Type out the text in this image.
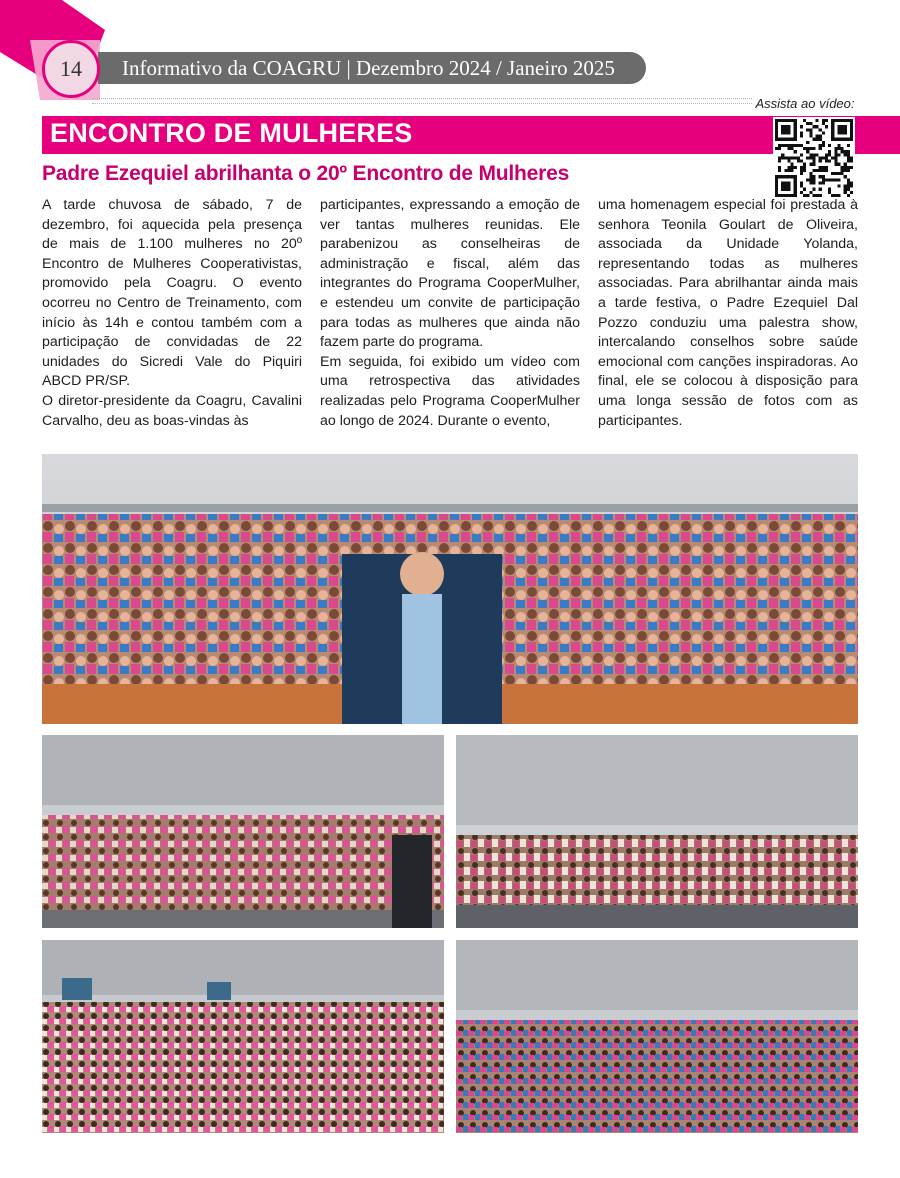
Informativo da COAGRU | Dezembro 2024 / Janeiro 2025
14
Assista ao vídeo:
ENCONTRO DE MULHERES
Padre Ezequiel abrilhanta o 20º Encontro de Mulheres

A tarde chuvosa de sábado, 7 de dezembro, foi aquecida pela presença de mais de 1.100 mulheres no 20º Encontro de Mulheres Cooperativistas, promovido pela Coagru. O evento ocorreu no Centro de Treinamento, com início às 14h e contou também com a participação de convidadas de 22 unidades do Sicredi Vale do Piquiri ABCD PR/SP.

O diretor-presidente da Coagru, Cavalini Carvalho, deu as boas-vindas às

participantes, expressando a emoção de ver tantas mulheres reunidas. Ele parabenizou as conselheiras de administração e fiscal, além das integrantes do Programa CooperMulher, e estendeu um convite de participação para todas as mulheres que ainda não fazem parte do programa.

Em seguida, foi exibido um vídeo com uma retrospectiva das atividades realizadas pelo Programa CooperMulher ao longo de 2024. Durante o evento,

uma homenagem especial foi prestada à senhora Teonila Goulart de Oliveira, associada da Unidade Yolanda, representando todas as mulheres associadas. Para abrilhantar ainda mais a tarde festiva, o Padre Ezequiel Dal Pozzo conduziu uma palestra show, intercalando conselhos sobre saúde emocional com canções inspiradoras. Ao final, ele se colocou à disposição para uma longa sessão de fotos com as participantes.
